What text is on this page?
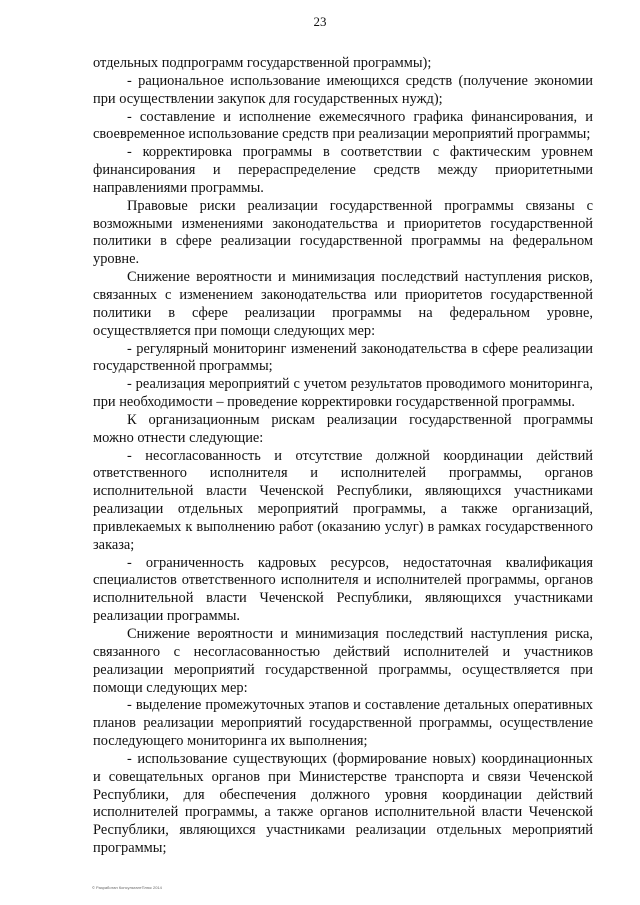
23

отдельных подпрограмм государственной программы);

- рациональное использование имеющихся средств (получение экономии при осуществлении закупок для государственных нужд);

- составление и исполнение ежемесячного графика финансирования, и своевременное использование средств при реализации мероприятий программы;

- корректировка программы в соответствии с фактическим уровнем финансирования и перераспределение средств между приоритетными направлениями программы.

Правовые риски реализации государственной программы связаны с возможными изменениями законодательства и приоритетов государственной политики в сфере реализации государственной программы на федеральном уровне.

Снижение вероятности и минимизация последствий наступления рисков, связанных с изменением законодательства или приоритетов государственной политики в сфере реализации программы на федеральном уровне, осуществляется при помощи следующих мер:

- регулярный мониторинг изменений законодательства в сфере реализации государственной программы;

- реализация мероприятий с учетом результатов проводимого мониторинга, при необходимости – проведение корректировки государственной программы.

К организационным рискам реализации государственной программы можно отнести следующие:

- несогласованность и отсутствие должной координации действий ответственного исполнителя и исполнителей программы, органов исполнительной власти Чеченской Республики, являющихся участниками реализации отдельных мероприятий программы, а также организаций, привлекаемых к выполнению работ (оказанию услуг) в рамках государственного заказа;

- ограниченность кадровых ресурсов, недостаточная квалификация специалистов ответственного исполнителя и исполнителей программы, органов исполнительной власти Чеченской Республики, являющихся участниками реализации программы.

Снижение вероятности и минимизация последствий наступления риска, связанного с несогласованностью действий исполнителей и участников реализации мероприятий государственной программы, осуществляется при помощи следующих мер:

- выделение промежуточных этапов и составление детальных оперативных планов реализации мероприятий государственной программы, осуществление последующего мониторинга их выполнения;

- использование существующих (формирование новых) координационных и совещательных органов при Министерстве транспорта и связи Чеченской Республики, для обеспечения должного уровня координации действий исполнителей программы, а также органов исполнительной власти Чеченской Республики, являющихся участниками реализации отдельных мероприятий программы;

© Разработан КонсультантПлюс 2014
